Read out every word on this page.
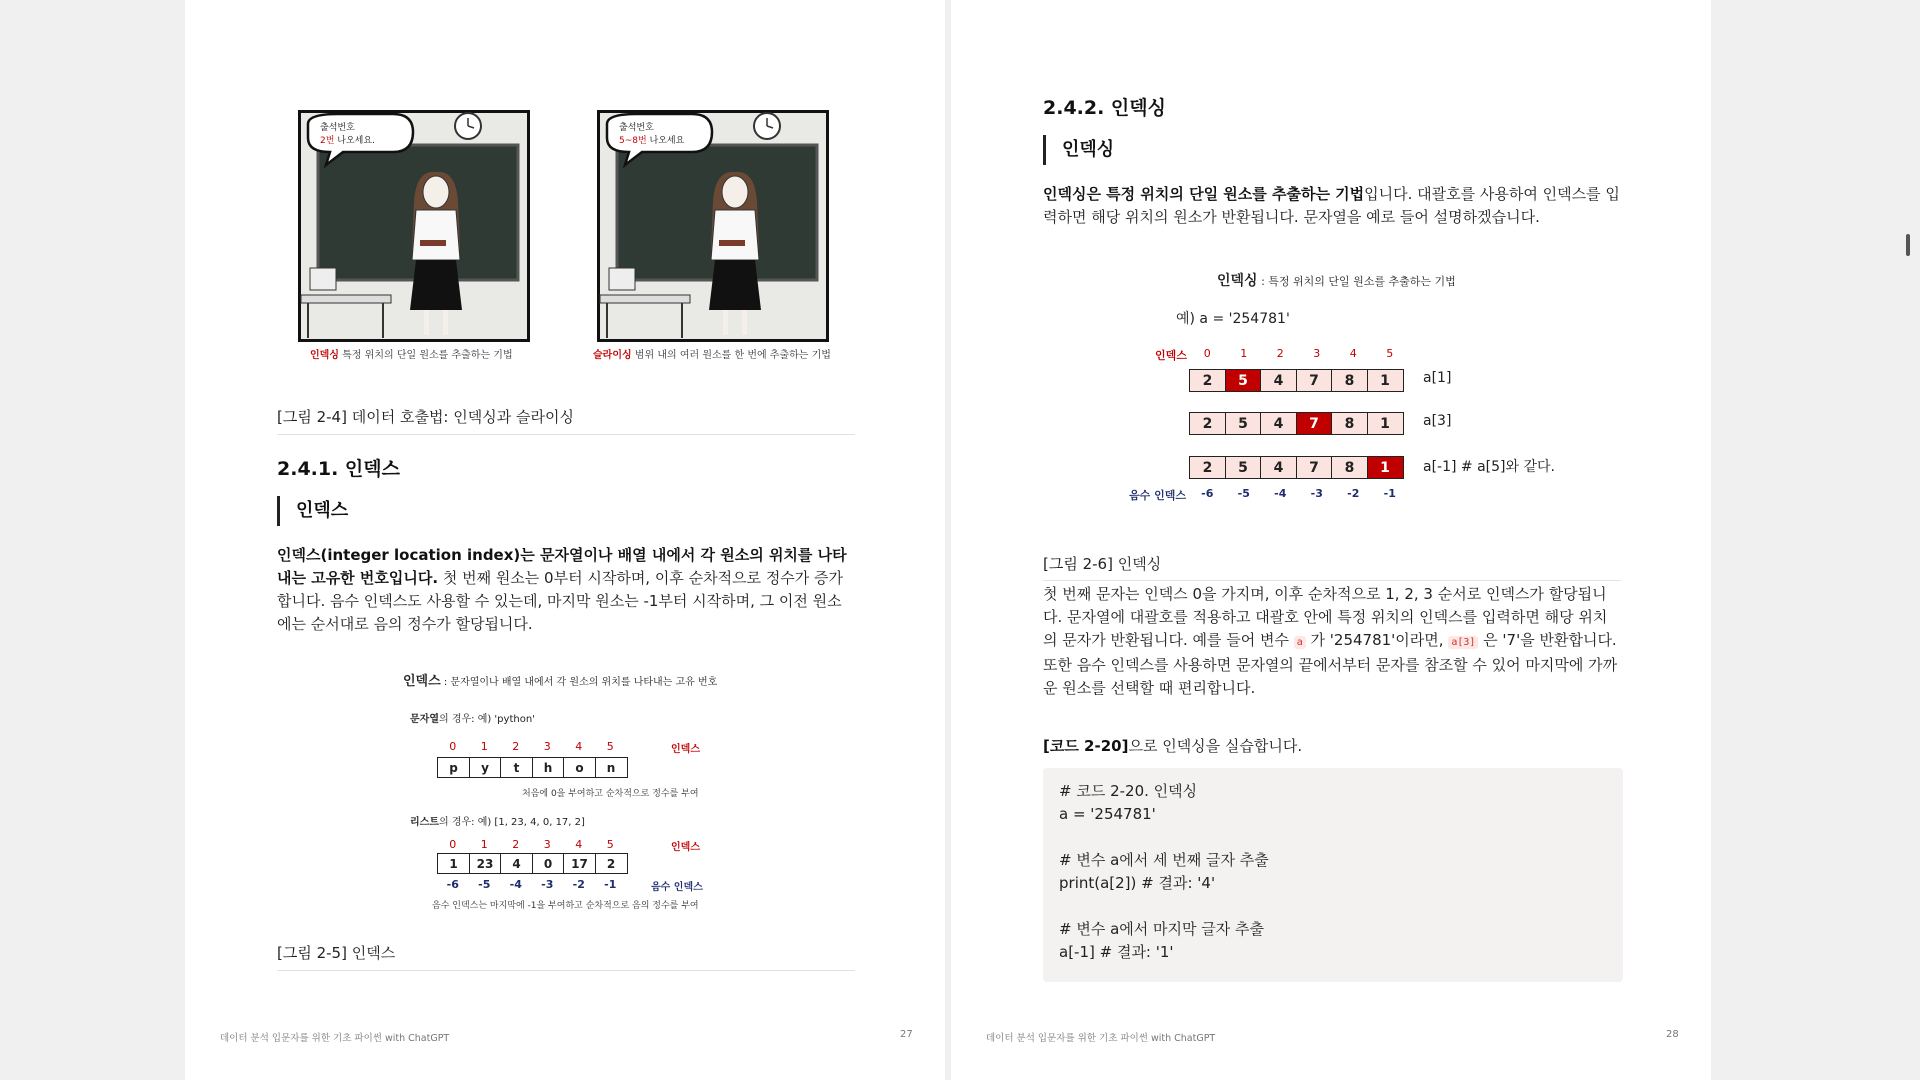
출석번호
2번 나오세요.
인덱싱 특정 위치의 단일 원소를 추출하는 기법
출석번호
5~8번 나오세요
슬라이싱 범위 내의 여러 원소를 한 번에 추출하는 기법
[그림 2-4] 데이터 호출법: 인덱싱과 슬라이싱
2.4.1. 인덱스
인덱스
인덱스(integer location index)는 문자열이나 배열 내에서 각 원소의 위치를 나타내는 고유한 번호입니다. 첫 번째 원소는 0부터 시작하며, 이후 순차적으로 정수가 증가합니다. 음수 인덱스도 사용할 수 있는데, 마지막 원소는 -1부터 시작하며, 그 이전 원소에는 순서대로 음의 정수가 할당됩니다.
인덱스 : 문자열이나 배열 내에서 각 원소의 위치를 나타내는 고유 번호
문자열의 경우: 예) 'python'
0	1	2	3	4	5	인덱스
p	y	t	h	o	n
처음에 0을 부여하고 순차적으로 정수를 부여
리스트의 경우: 예) [1, 23, 4, 0, 17, 2]
0	1	2	3	4	5	인덱스
1	23	4	0	17	2
-6	-5	-4	-3	-2	-1	음수 인덱스
음수 인덱스는 마지막에 -1을 부여하고 순차적으로 음의 정수를 부여
[그림 2-5] 인덱스
데이터 분석 입문자를 위한 기초 파이썬 with ChatGPT	27
2.4.2. 인덱싱
인덱싱
인덱싱은 특정 위치의 단일 원소를 추출하는 기법입니다. 대괄호를 사용하여 인덱스를 입력하면 해당 위치의 원소가 반환됩니다. 문자열을 예로 들어 설명하겠습니다.
인덱싱 : 특정 위치의 단일 원소를 추출하는 기법
예) a = '254781'
인덱스	0	1	2	3	4	5
2	5	4	7	8	1	a[1]
2	5	4	7	8	1	a[3]
2	5	4	7	8	1	a[-1] # a[5]와 같다.
음수 인덱스	-6	-5	-4	-3	-2	-1
[그림 2-6] 인덱싱
첫 번째 문자는 인덱스 0을 가지며, 이후 순차적으로 1, 2, 3 순서로 인덱스가 할당됩니다. 문자열에 대괄호를 적용하고 대괄호 안에 특정 위치의 인덱스를 입력하면 해당 위치의 문자가 반환됩니다. 예를 들어 변수 a 가 '254781'이라면, a[3] 은 '7'을 반환합니다. 또한 음수 인덱스를 사용하면 문자열의 끝에서부터 문자를 참조할 수 있어 마지막에 가까운 원소를 선택할 때 편리합니다.
[코드 2-20]으로 인덱싱을 실습합니다.
# 코드 2-20. 인덱싱
a = '254781'
# 변수 a에서 세 번째 글자 추출
print(a[2]) # 결과: '4'
# 변수 a에서 마지막 글자 추출
a[-1] # 결과: '1'
데이터 분석 입문자를 위한 기초 파이썬 with ChatGPT	28
